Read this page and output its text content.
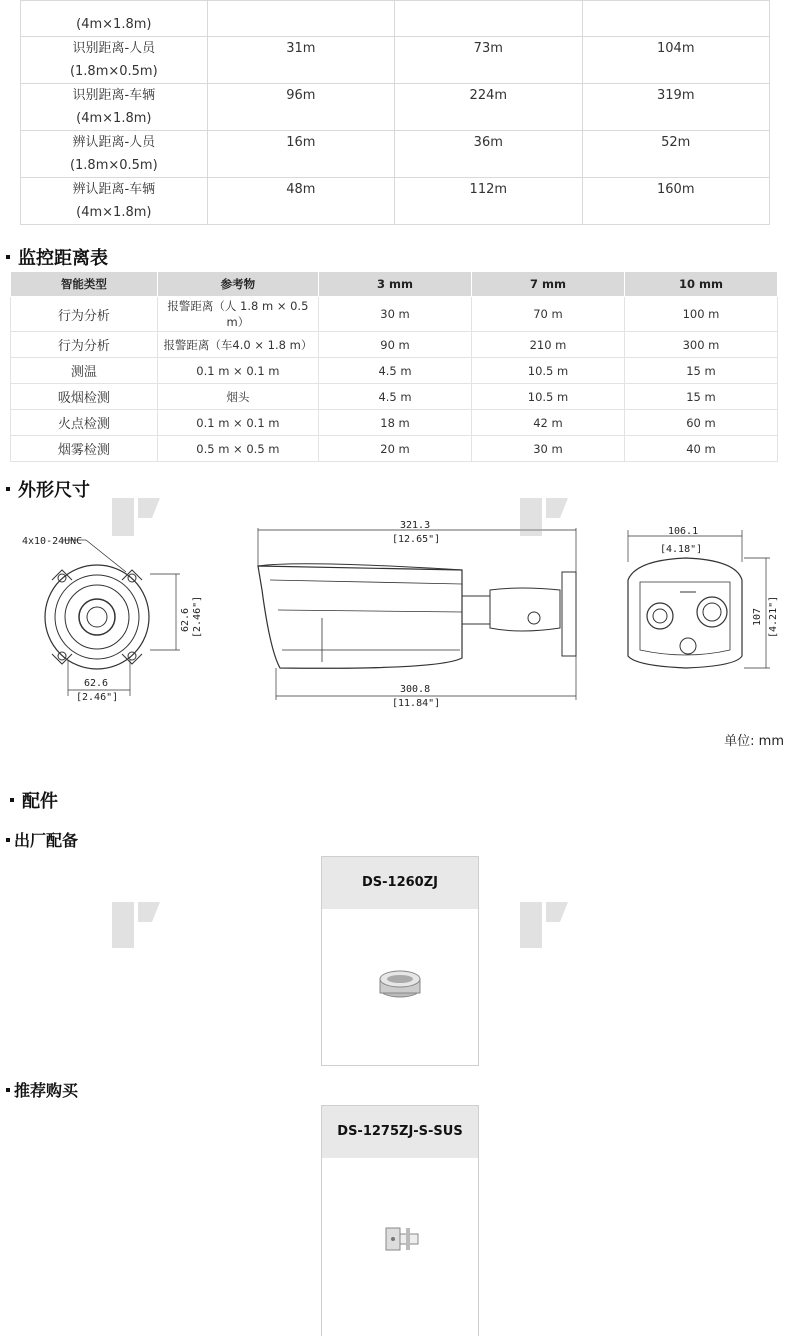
(4m×1.8m)			

识别距离-人员
(1.8m×0.5m)	31m	73m	104m

识别距离-车辆
(4m×1.8m)	96m	224m	319m

辨认距离-人员
(1.8m×0.5m)	16m	36m	52m

辨认距离-车辆
(4m×1.8m)	48m	112m	160m
监控距离表
智能类型	参考物	3 mm	7 mm	10 mm
行为分析	报警距离（人 1.8 m × 0.5 m）	30 m	70 m	100 m
行为分析	报警距离（车4.0 × 1.8 m）	90 m	210 m	300 m
测温	0.1 m × 0.1 m	4.5 m	10.5 m	15 m
吸烟检测	烟头	4.5 m	10.5 m	15 m
火点检测	0.1 m × 0.1 m	18 m	42 m	60 m
烟雾检测	0.5 m × 0.5 m	20 m	30 m	40 m
外形尺寸
4x10-24UNC
62.6
[2.46"]
62.6 [2.46"]
321.3
[12.65"]
300.8
[11.84"]
106.1
[4.18"]
107 [4.21"]
单位: mm
配件
出厂配备
DS-1260ZJ
推荐购买
DS-1275ZJ-S-SUS
